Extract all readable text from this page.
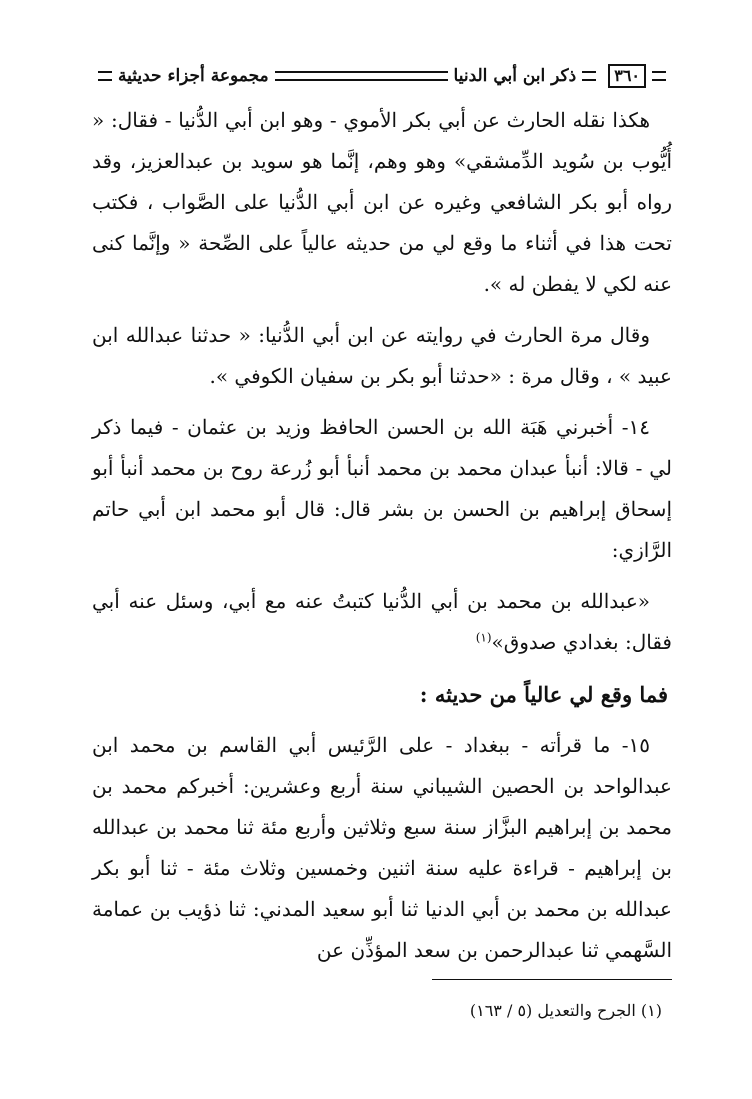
٣٦٠
ذكر ابن أبي الدنيا
مجموعة أجزاء حديثية

هكذا نقله الحارث عن أبي بكر الأموي - وهو ابن أبي الدُّنيا - فقال: « أُيُّوب بن سُويد الدِّمشقي» وهو وهم، إنَّما هو سويد بن عبدالعزيز، وقد رواه أبو بكر الشافعي وغيره عن ابن أبي الدُّنيا على الصَّواب ، فكتب تحت هذا في أثناء ما وقع لي من حديثه عالياً على الصِّحة « وإنَّما كنى عنه لكي لا يفطن له ».

وقال مرة الحارث في روايته عن ابن أبي الدُّنيا: « حدثنا عبدالله ابن عبيد » ، وقال مرة : «حدثنا أبو بكر بن سفيان الكوفي ».

١٤- أخبرني هَبَة الله بن الحسن الحافظ وزيد بن عثمان - فيما ذكر لي - قالا: أنبأ عبدان محمد بن محمد أنبأ أبو زُرعة روح بن محمد أنبأ أبو إسحاق إبراهيم بن الحسن بن بشر قال: قال أبو محمد ابن أبي حاتم الرَّازي:

«عبدالله بن محمد بن أبي الدُّنيا كتبتُ عنه مع أبي، وسئل عنه أبي فقال: بغدادي صدوق»$^{(١)}$

فما وقع لي عالياً من حديثه :

١٥- ما قرأته - ببغداد - على الرَّئيس أبي القاسم بن محمد ابن عبدالواحد بن الحصين الشيباني سنة أربع وعشرين: أخبركم محمد بن محمد بن إبراهيم البزَّاز سنة سبع وثلاثين وأربع مئة ثنا محمد بن عبدالله بن إبراهيم - قراءة عليه سنة اثنين وخمسين وثلاث مئة - ثنا أبو بكر عبدالله بن محمد بن أبي الدنيا ثنا أبو سعيد المدني: ثنا ذؤيب بن عمامة السَّهمي ثنا عبدالرحمن بن سعد المؤذِّن عن

(١) الجرح والتعديل (٥ / ١٦٣)
